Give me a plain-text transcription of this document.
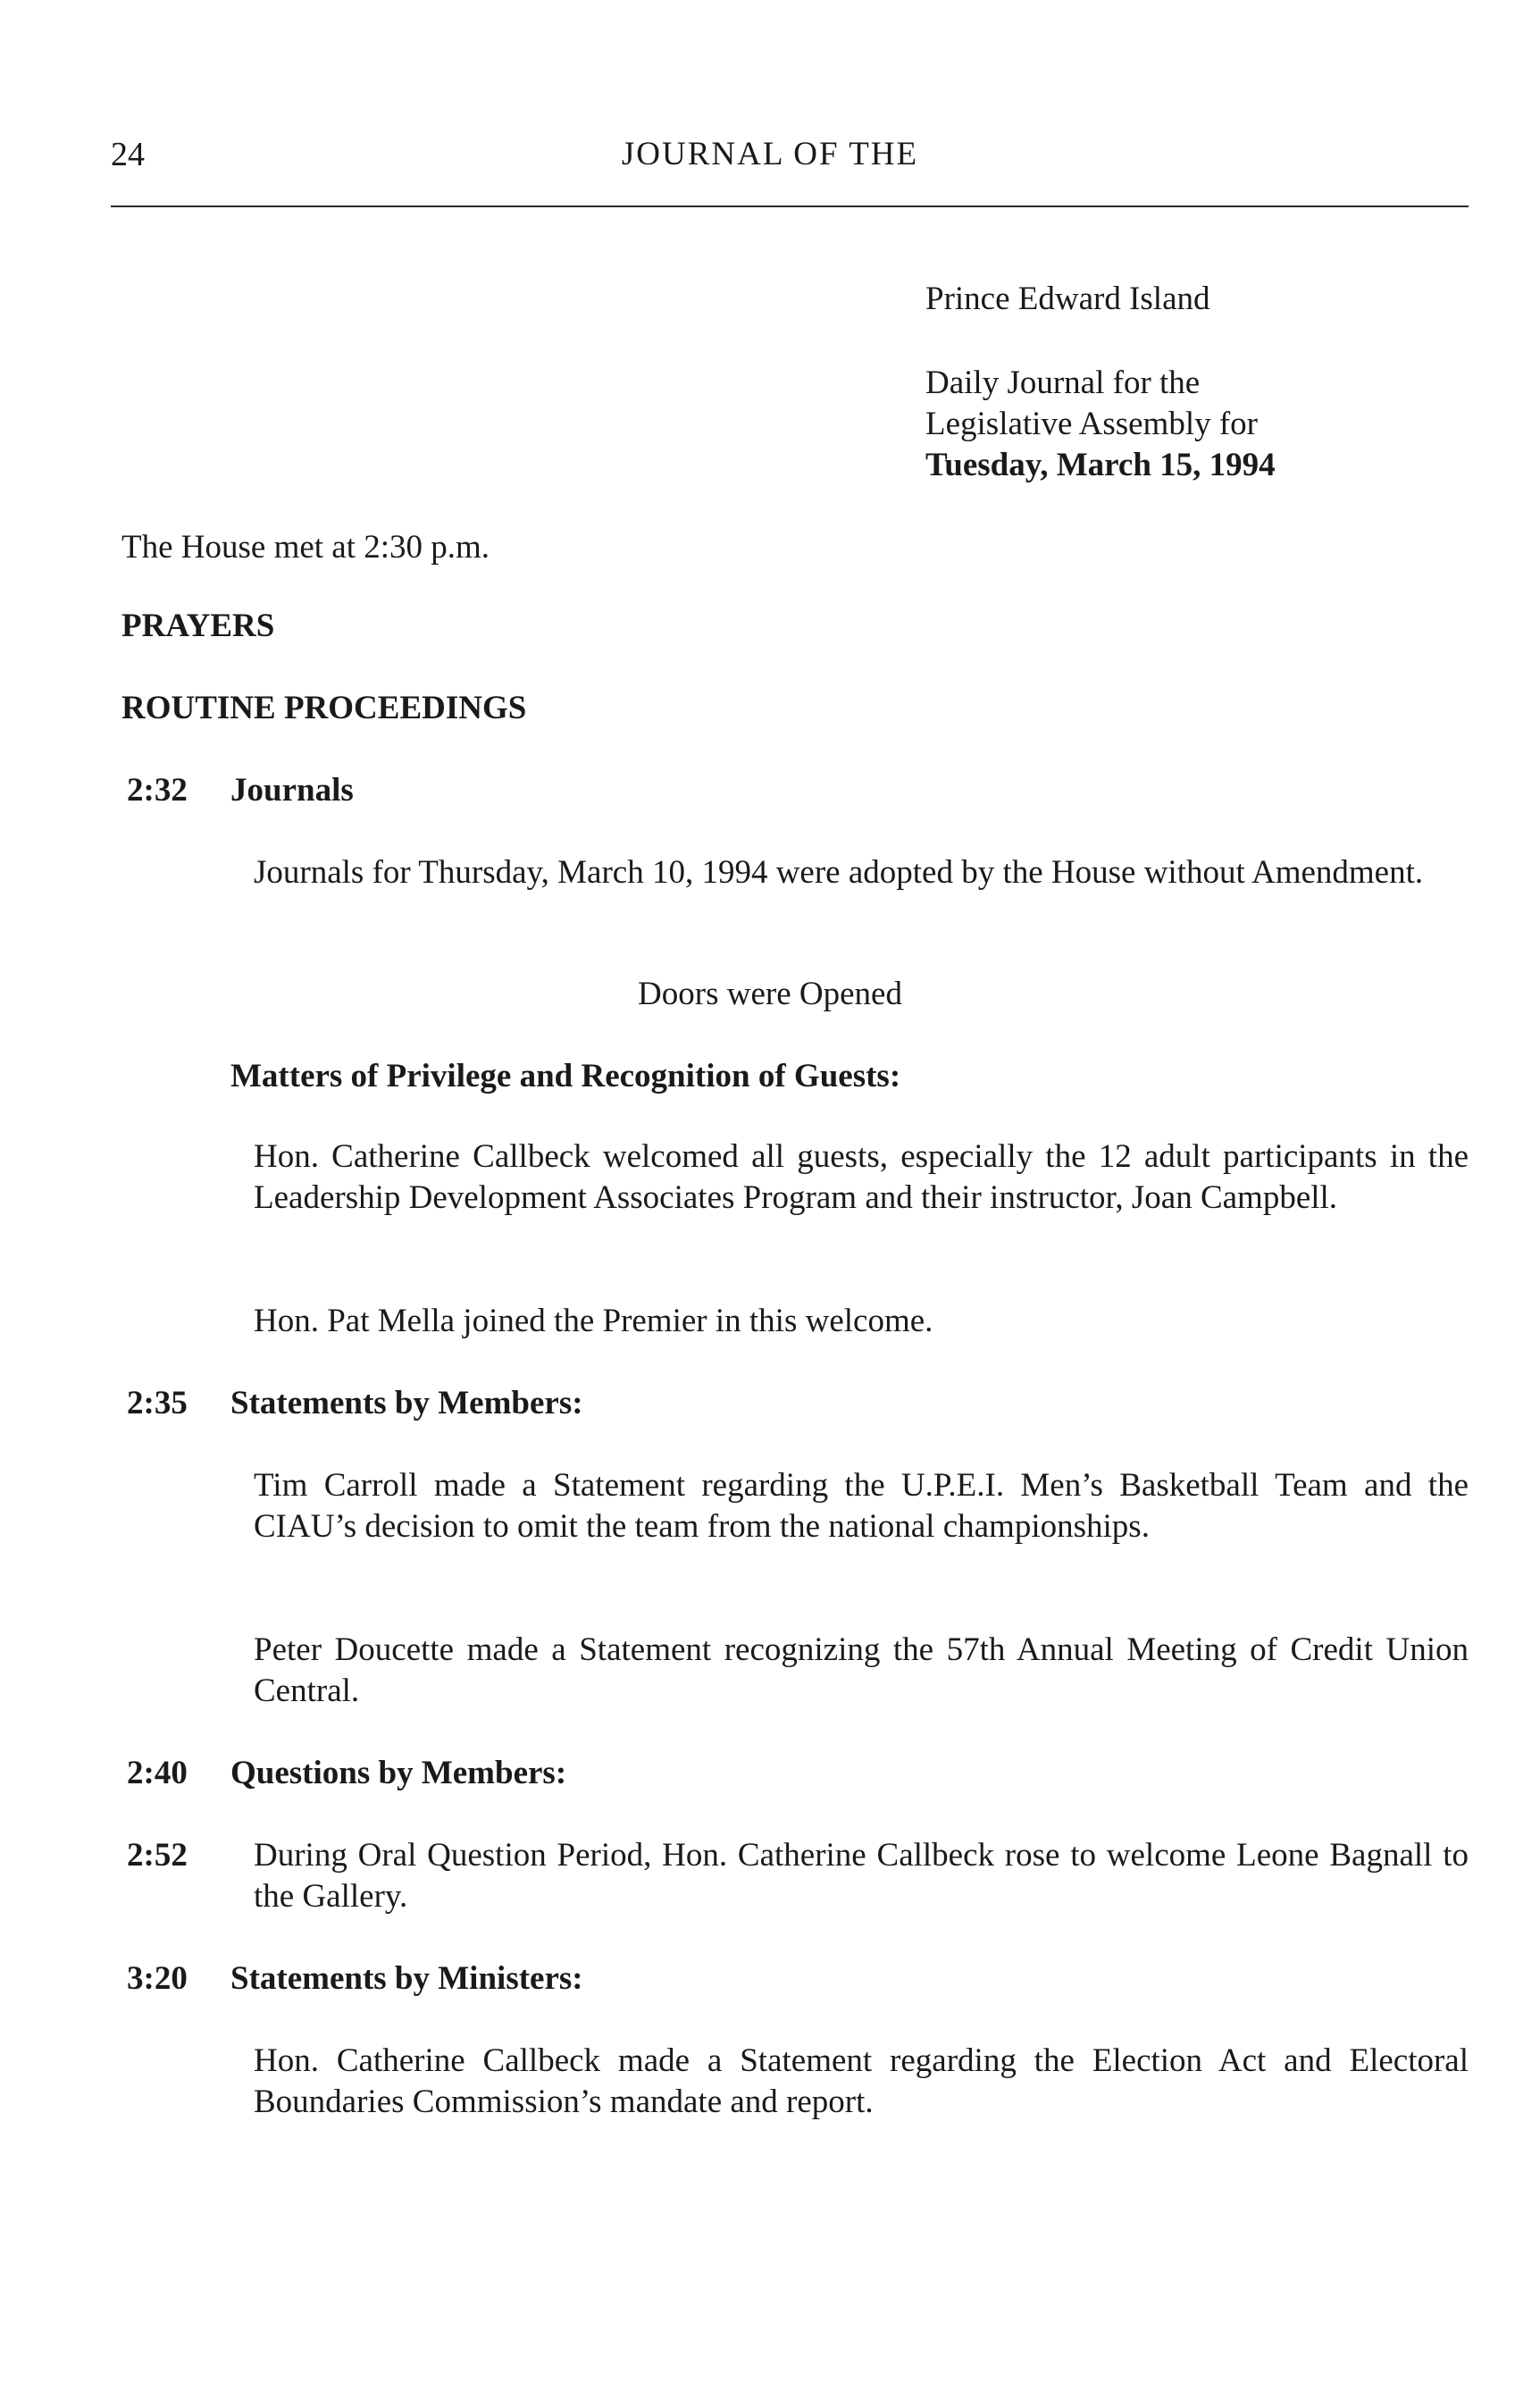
24	JOURNAL OF THE
Prince Edward Island
Daily Journal for the
Legislative Assembly for
Tuesday, March 15, 1994
The House met at 2:30 p.m.
PRAYERS
ROUTINE PROCEEDINGS
2:32	Journals
Journals for Thursday, March 10, 1994 were adopted by the House without Amendment.
Doors were Opened
Matters of Privilege and Recognition of Guests:
Hon. Catherine Callbeck welcomed all guests, especially the 12 adult participants in the Leadership Development Associates Program and their instructor, Joan Campbell.
Hon. Pat Mella joined the Premier in this welcome.
2:35	Statements by Members:
Tim Carroll made a Statement regarding the U.P.E.I. Men’s Basketball Team and the CIAU’s decision to omit the team from the national championships.
Peter Doucette made a Statement recognizing the 57th Annual Meeting of Credit Union Central.
2:40	Questions by Members:
2:52	During Oral Question Period, Hon. Catherine Callbeck rose to welcome Leone Bagnall to the Gallery.
3:20	Statements by Ministers:
Hon. Catherine Callbeck made a Statement regarding the Election Act and Electoral Boundaries Commission’s mandate and report.
